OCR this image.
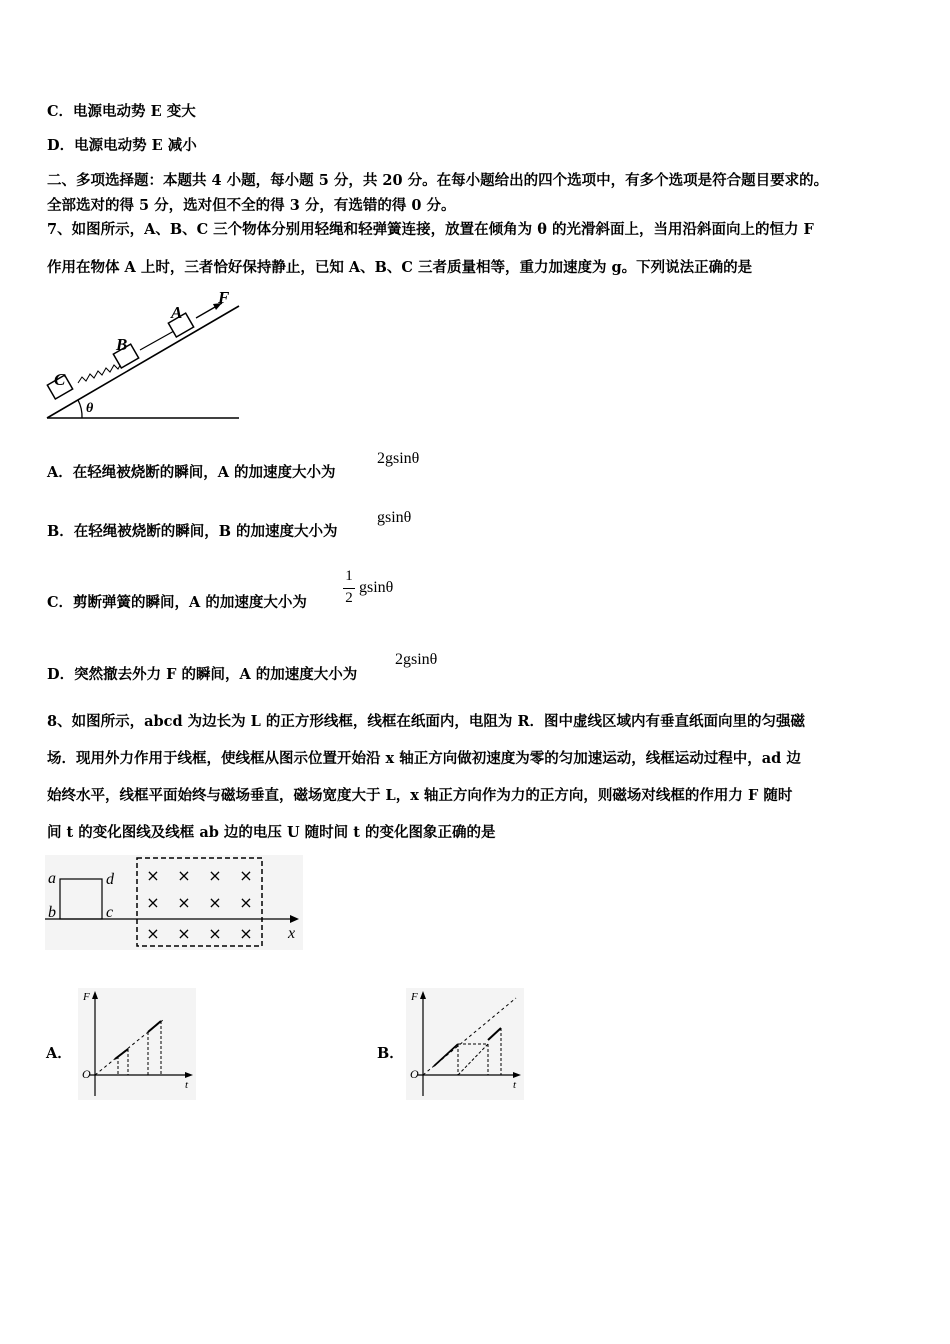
C．电源电动势 E 变大
D．电源电动势 E 减小
二、多项选择题：本题共 4 小题，每小题 5 分，共 20 分。在每小题给出的四个选项中，有多个选项是符合题目要求的。
全部选对的得 5 分，选对但不全的得 3 分，有选错的得 0 分。
7、如图所示，A、B、C 三个物体分别用轻绳和轻弹簧连接，放置在倾角为 θ 的光滑斜面上，当用沿斜面向上的恒力 F
作用在物体 A 上时，三者恰好保持静止，已知 A、B、C 三者质量相等，重力加速度为 g。下列说法正确的是
θ
C
B
A
F
A．在轻绳被烧断的瞬间，A 的加速度大小为
2gsinθ
B．在轻绳被烧断的瞬间，B 的加速度大小为
gsinθ
C．剪断弹簧的瞬间，A 的加速度大小为
1
2
gsinθ
D．突然撤去外力 F 的瞬间，A 的加速度大小为
2gsinθ
8、如图所示，abcd 为边长为 L 的正方形线框，线框在纸面内，电阻为 R．图中虚线区域内有垂直纸面向里的匀强磁
场．现用外力作用于线框，使线框从图示位置开始沿 x 轴正方向做初速度为零的匀加速运动，线框运动过程中，ad 边
始终水平，线框平面始终与磁场垂直，磁场宽度大于 L，x 轴正方向作为力的正方向，则磁场对线框的作用力 F 随时
间 t 的变化图线及线框 ab 边的电压 U 随时间 t 的变化图象正确的是
a
b	c
d
x
× × × ×
× × × ×
× × × ×
A．
F
O
t
B．
F
O
t
